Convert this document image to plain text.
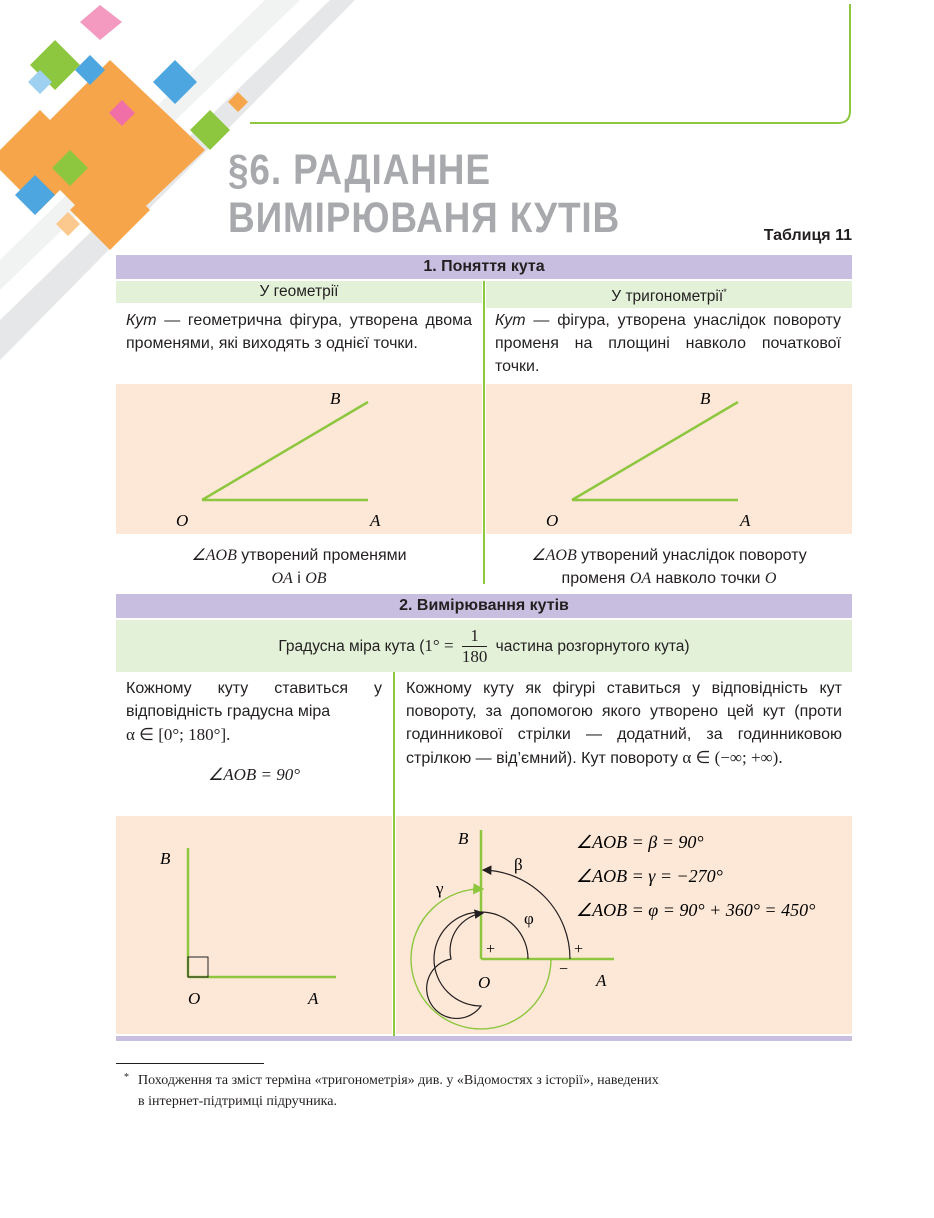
§6. РАДІАННЕ
ВИМІРЮВАНЯ КУТІВ	Таблиця 11
1. Поняття кута
У геометрії	У тригонометрії*
Кут — геометрична фігура, утворена двома променями, які виходять з однієї точки.
Кут — фігура, утворена унаслідок повороту променя на площині навколо початкової точки.
B
O	A
B
O	A
∠AOB утворений променями
OA і OB
∠AOB утворений унаслідок повороту
променя OA навколо точки O
2. Вимірювання кутів
Градусна міра кута ($1^\circ = \frac{1}{180}$ частина розгорнутого кута)
Кожному куту ставиться у відповідність градусна міра
α ∈ [0°; 180°].
∠AOB = 90°
Кожному куту як фігурі ставиться у відповідність кут повороту, за допомогою якого утворено цей кут (проти годинникової стрілки — додатний, за годинниковою стрілкою — від’ємний). Кут повороту α ∈ (−∞; +∞).
B
O	A
B
O	A
β
γ
φ
+	+
−
∠AOB = β = 90°
∠AOB = γ = −270°
∠AOB = φ = 90° + 360° = 450°
* Походження та зміст терміна «тригонометрія» див. у «Відомостях з історії», наведених
в інтернет-підтримці підручника.
